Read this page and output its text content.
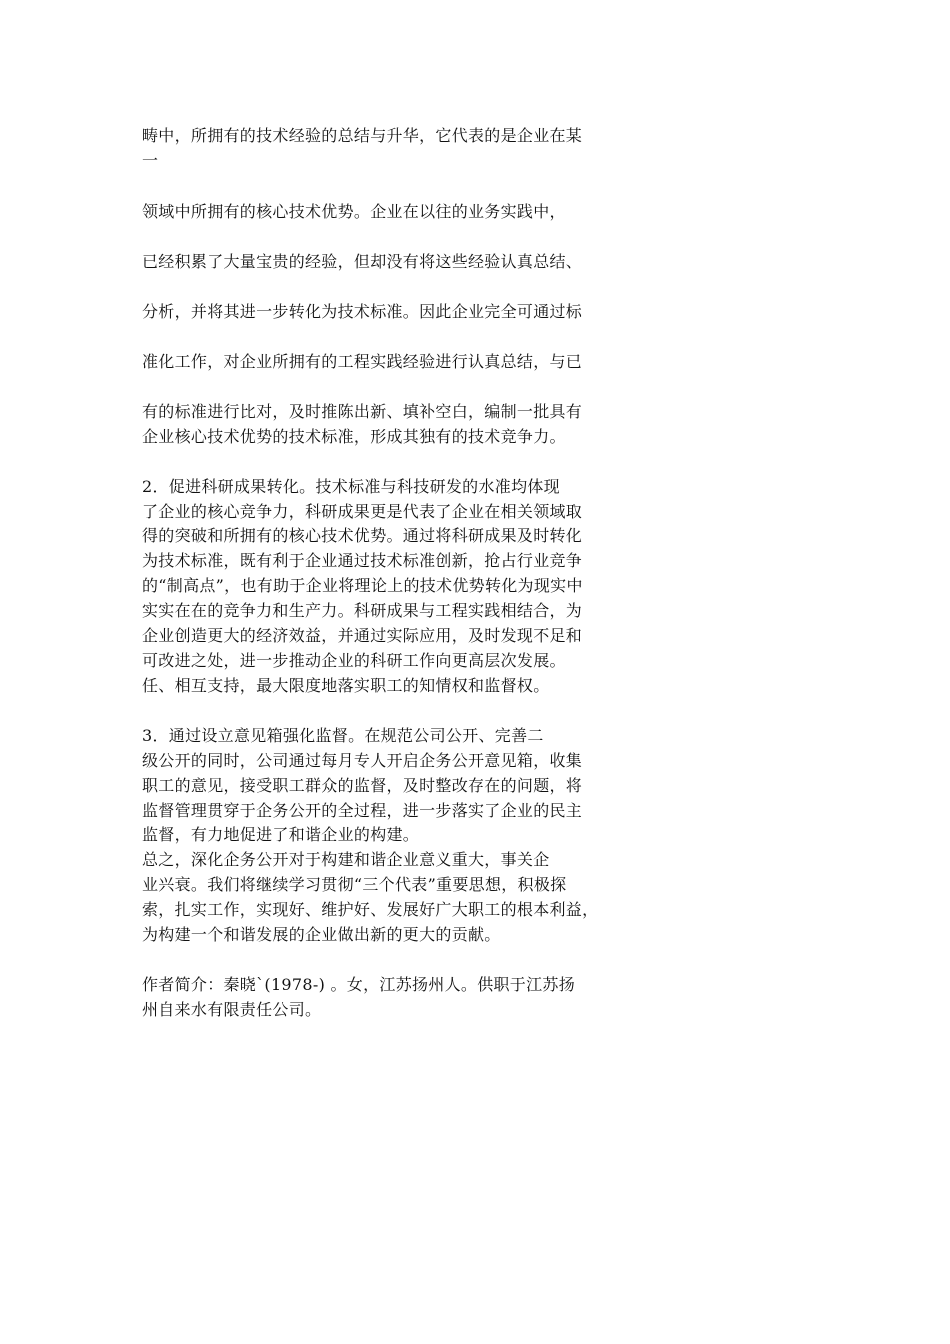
畴中，所拥有的技术经验的总结与升华，它代表的是企业在某
一
领域中所拥有的核心技术优势。企业在以往的业务实践中，
已经积累了大量宝贵的经验，但却没有将这些经验认真总结、
分析，并将其进一步转化为技术标准。因此企业完全可通过标
准化工作，对企业所拥有的工程实践经验进行认真总结，与已
有的标准进行比对，及时推陈出新、填补空白，编制一批具有
企业核心技术优势的技术标准，形成其独有的技术竞争力。
2．促进科研成果转化。技术标准与科技研发的水准均体现
了企业的核心竞争力，科研成果更是代表了企业在相关领域取
得的突破和所拥有的核心技术优势。通过将科研成果及时转化
为技术标准，既有利于企业通过技术标准创新，抢占行业竞争
的“制高点”，也有助于企业将理论上的技术优势转化为现实中
实实在在的竞争力和生产力。科研成果与工程实践相结合，为
企业创造更大的经济效益，并通过实际应用，及时发现不足和
可改进之处，进一步推动企业的科研工作向更高层次发展。
任、相互支持，最大限度地落实职工的知情权和监督权。
3．通过设立意见箱强化监督。在规范公司公开、完善二
级公开的同时，公司通过每月专人开启企务公开意见箱，收集
职工的意见，接受职工群众的监督，及时整改存在的问题，将
监督管理贯穿于企务公开的全过程，进一步落实了企业的民主
监督，有力地促进了和谐企业的构建。
总之，深化企务公开对于构建和谐企业意义重大，事关企
业兴衰。我们将继续学习贯彻“三个代表”重要思想，积极探
索，扎实工作，实现好、维护好、发展好广大职工的根本利益，
为构建一个和谐发展的企业做出新的更大的贡献。
作者简介：秦晓`(1978-) 。女，江苏扬州人。供职于江苏扬
州自来水有限责任公司。
